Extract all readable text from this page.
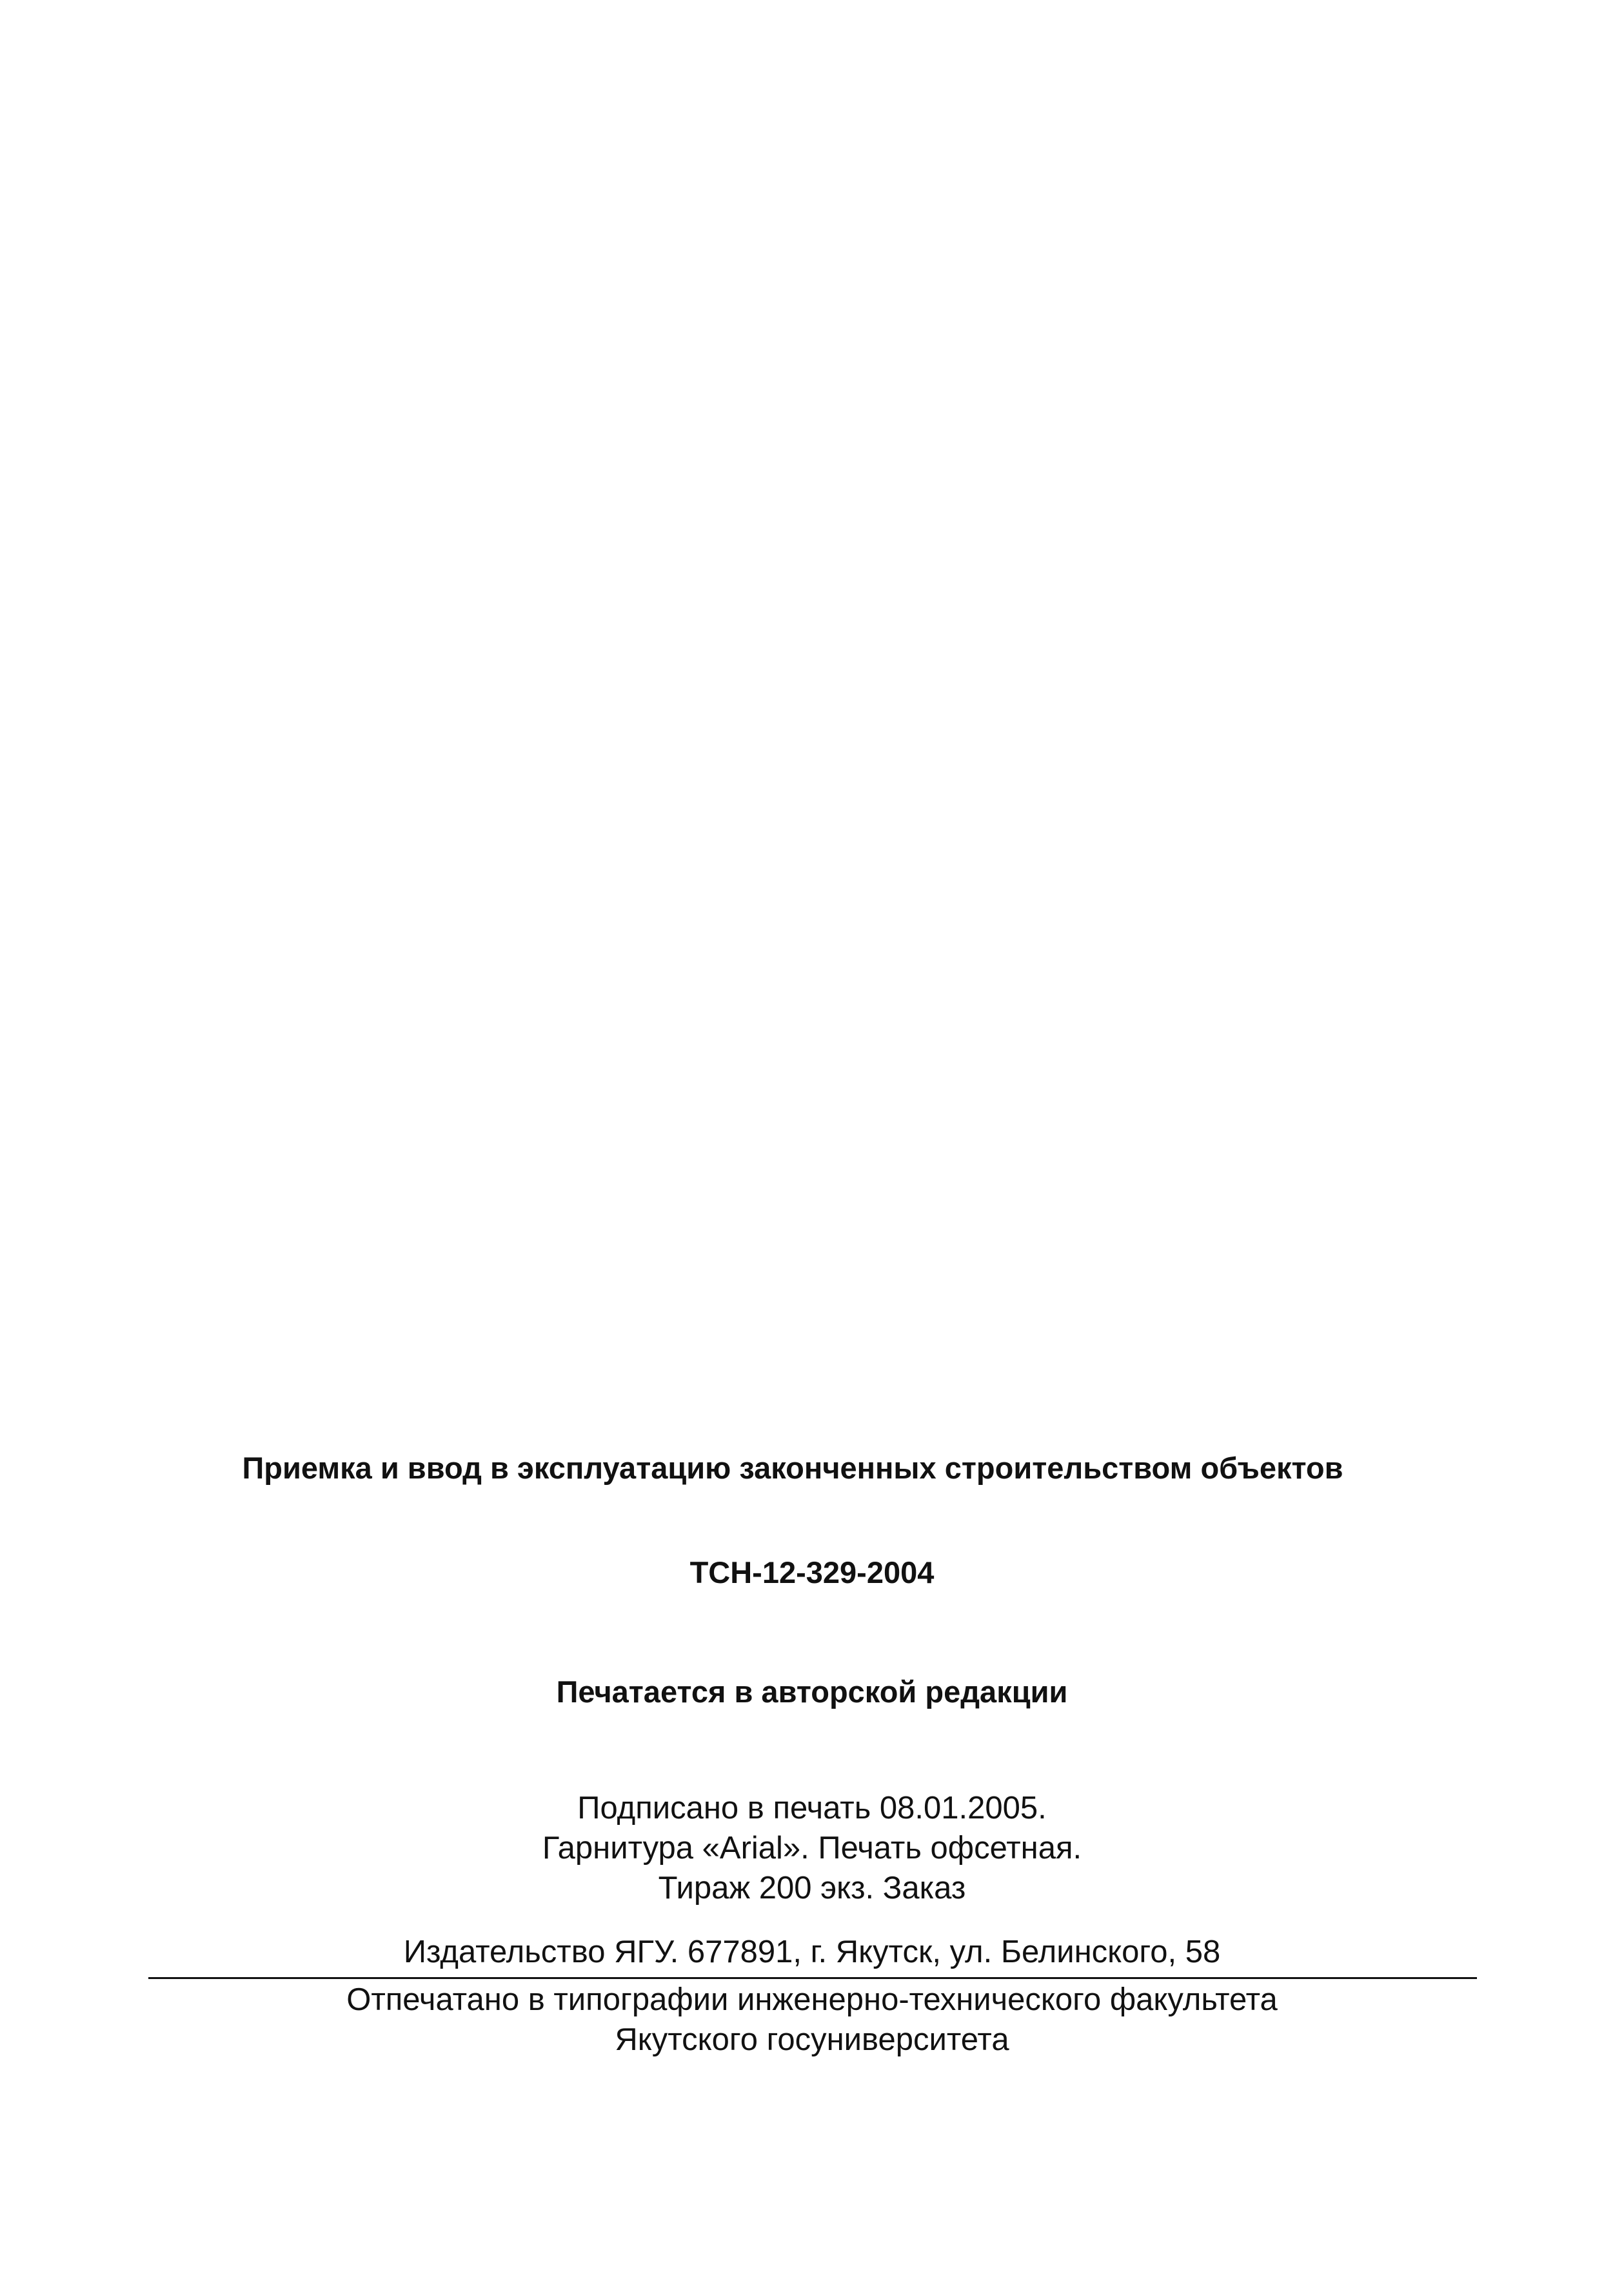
Приемка и ввод в эксплуатацию законченных строительством объектов
ТСН-12-329-2004
Печатается в авторской редакции
Подписано в печать 08.01.2005.
Гарнитура «Arial». Печать офсетная.
Тираж 200 экз. Заказ
Издательство ЯГУ. 677891, г. Якутск, ул. Белинского, 58
Отпечатано в типографии инженерно-технического факультета
Якутского госуниверситета
